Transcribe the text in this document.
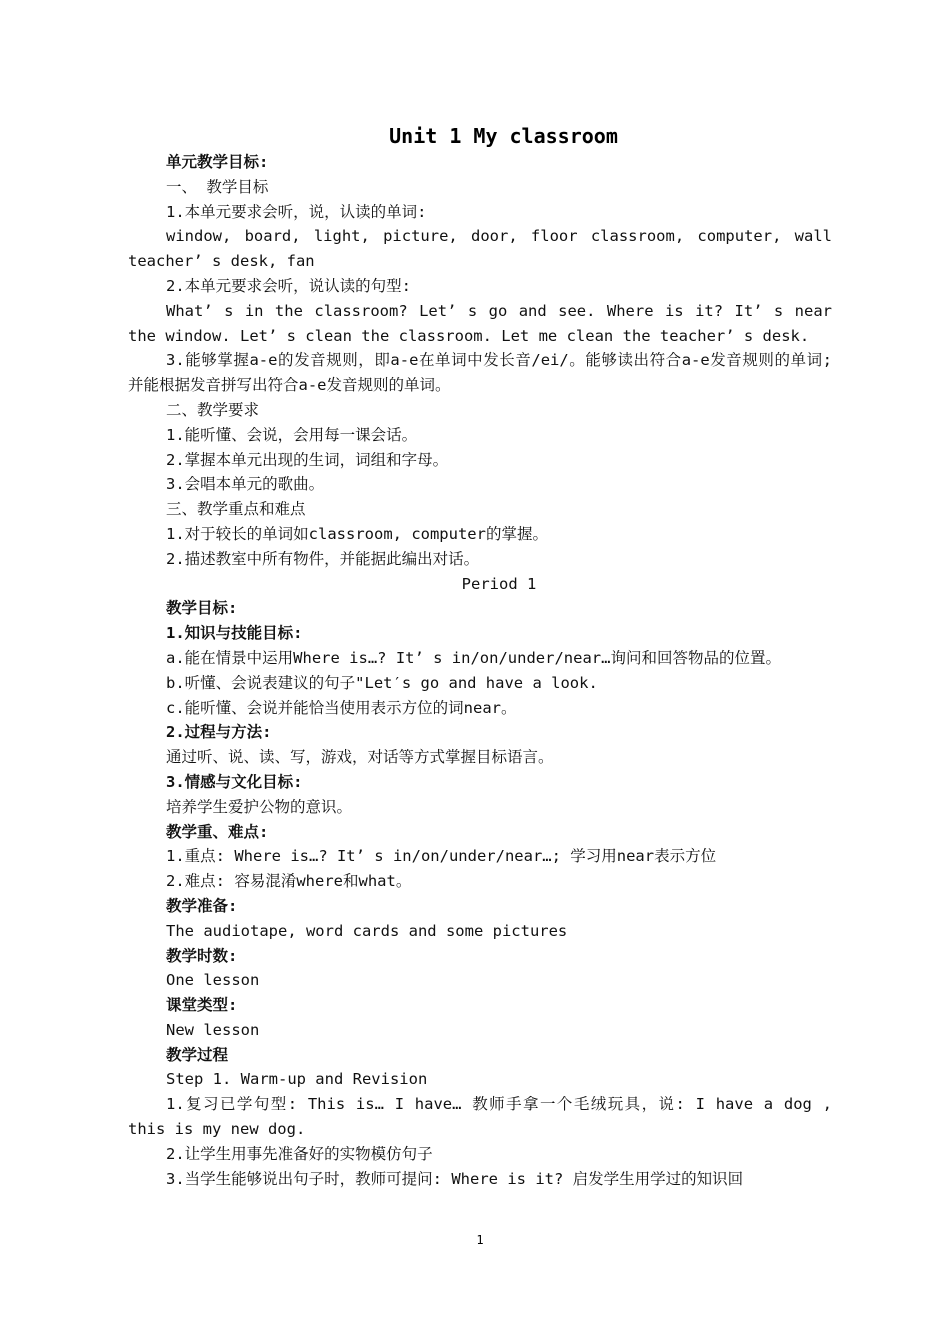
Unit 1 My classroom

单元教学目标:

一、 教学目标

1.本单元要求会听，说，认读的单词:

window, board, light, picture, door, floor classroom, computer, wall teacher’ s desk, fan

2.本单元要求会听，说认读的句型:

What’ s in the classroom? Let’ s go and see. Where is it? It’ s near the window. Let’ s clean the classroom. Let me clean the teacher’ s desk.

3.能够掌握a-e的发音规则，即a-e在单词中发长音/ei/。能够读出符合a-e发音规则的单词; 并能根据发音拼写出符合a-e发音规则的单词。

二、教学要求

1.能听懂、会说，会用每一课会话。

2.掌握本单元出现的生词，词组和字母。

3.会唱本单元的歌曲。

三、教学重点和难点

1.对于较长的单词如classroom, computer的掌握。

2.描述教室中所有物件，并能据此编出对话。

Period 1

教学目标:

1.知识与技能目标:

a.能在情景中运用Where is…? It’ s in/on/under/near…询问和回答物品的位置。

b.听懂、会说表建议的句子"Let′s go and have a look.

c.能听懂、会说并能恰当使用表示方位的词near。

2.过程与方法:

通过听、说、读、写，游戏，对话等方式掌握目标语言。

3.情感与文化目标:

培养学生爱护公物的意识。

教学重、难点:

1.重点: Where is…? It’ s in/on/under/near…; 学习用near表示方位

2.难点: 容易混淆where和what。

教学准备:

The audiotape, word cards and some pictures

教学时数:

One lesson

课堂类型:

New lesson

教学过程

Step 1. Warm-up and Revision

1.复习已学句型: This is… I have… 教师手拿一个毛绒玩具，说: I have a dog , this is my new dog.

2.让学生用事先准备好的实物模仿句子

3.当学生能够说出句子时，教师可提问: Where is it? 启发学生用学过的知识回

1
